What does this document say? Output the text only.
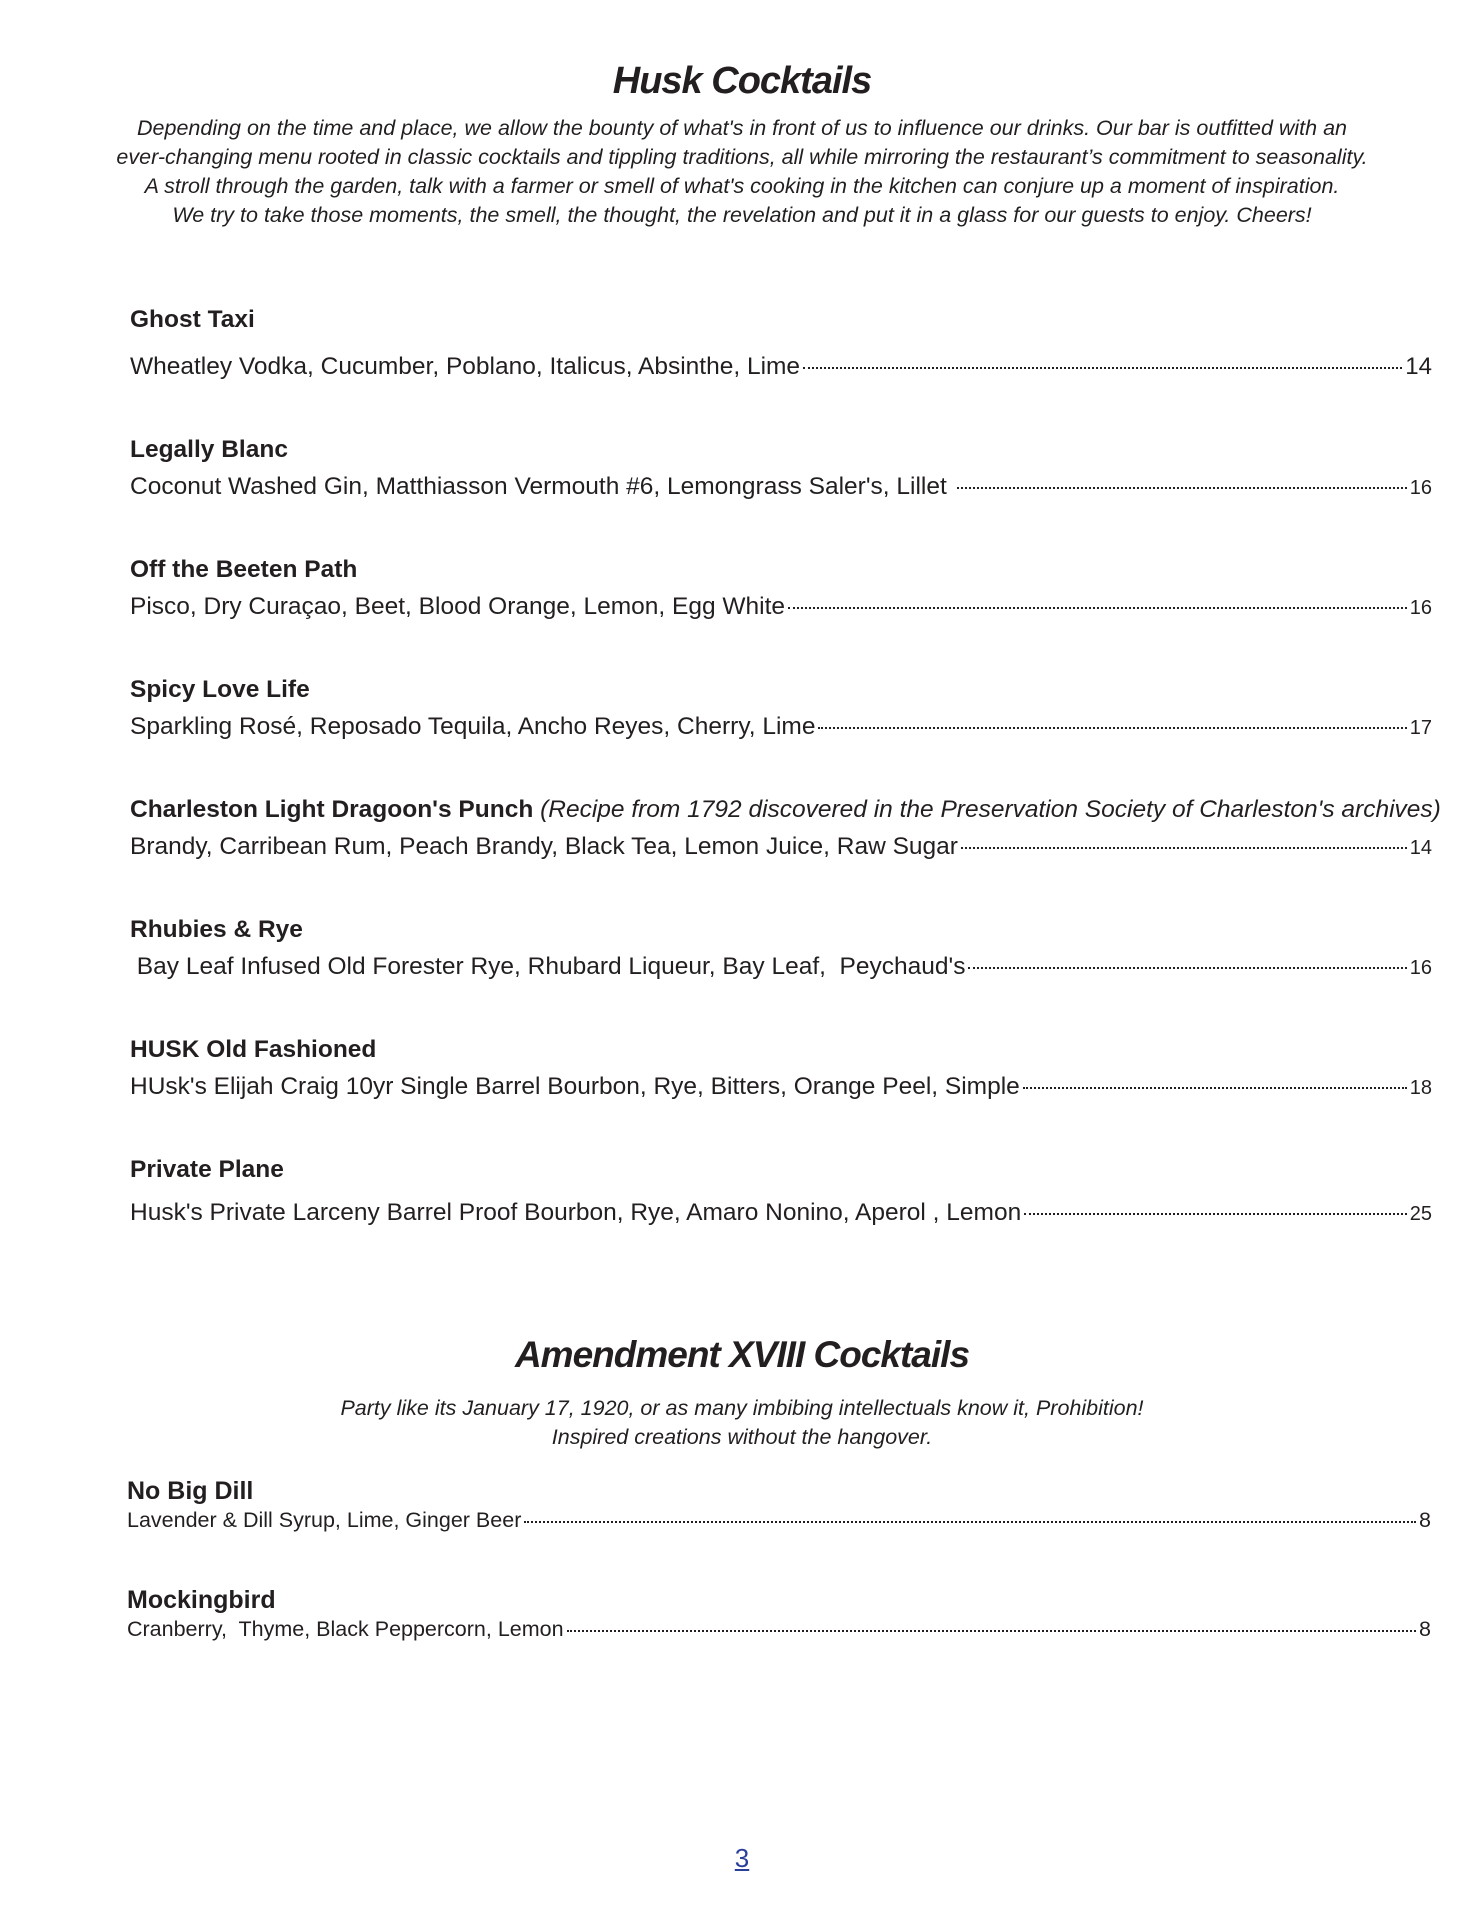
Husk Cocktails
Depending on the time and place, we allow the bounty of what's in front of us to influence our drinks. Our bar is outfitted with an
ever-changing menu rooted in classic cocktails and tippling traditions, all while mirroring the restaurant’s commitment to seasonality.
A stroll through the garden, talk with a farmer or smell of what's cooking in the kitchen can conjure up a moment of inspiration.
We try to take those moments, the smell, the thought, the revelation and put it in a glass for our guests to enjoy. Cheers!
Ghost Taxi
Wheatley Vodka, Cucumber, Poblano, Italicus, Absinthe, Lime	14
Legally Blanc
Coconut Washed Gin, Matthiasson Vermouth #6, Lemongrass Saler's, Lillet	16
Off the Beeten Path
Pisco, Dry Curaçao, Beet, Blood Orange, Lemon, Egg White	16
Spicy Love Life
Sparkling Rosé, Reposado Tequila, Ancho Reyes, Cherry, Lime	17
Charleston Light Dragoon's Punch (Recipe from 1792 discovered in the Preservation Society of Charleston's archives)
Brandy, Carribean Rum, Peach Brandy, Black Tea, Lemon Juice, Raw Sugar	14
Rhubies & Rye
Bay Leaf Infused Old Forester Rye, Rhubard Liqueur, Bay Leaf,  Peychaud's	16
HUSK Old Fashioned
HUsk's Elijah Craig 10yr Single Barrel Bourbon, Rye, Bitters, Orange Peel, Simple	18
Private Plane
Husk's Private Larceny Barrel Proof Bourbon, Rye, Amaro Nonino, Aperol , Lemon	25
Amendment XVIII Cocktails
Party like its January 17, 1920, or as many imbibing intellectuals know it, Prohibition!
Inspired creations without the hangover.
No Big Dill
Lavender & Dill Syrup, Lime, Ginger Beer	8
Mockingbird
Cranberry,  Thyme, Black Peppercorn, Lemon	8
3
